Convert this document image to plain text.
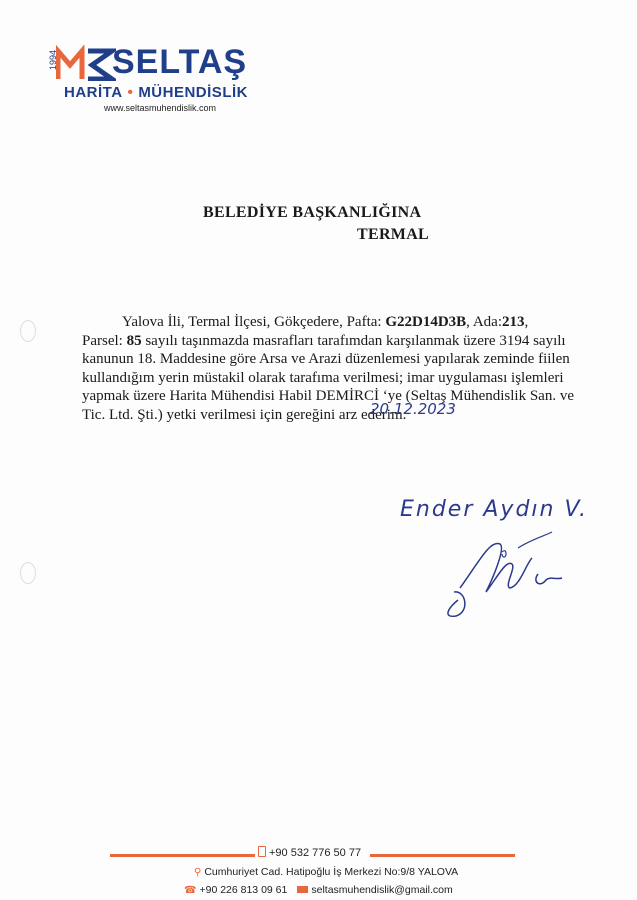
1994 SELTAŞ
HARİTA • MÜHENDİSLİK
www.seltasmuhendislik.com
BELEDİYE BAŞKANLIĞINA
TERMAL
Yalova İli, Termal İlçesi, Gökçedere, Pafta: G22D14D3B, Ada:213,
Parsel: 85 sayılı taşınmazda masrafları tarafımdan karşılanmak üzere 3194 sayılı
kanunun 18. Maddesine göre Arsa ve Arazi düzenlemesi yapılarak zeminde fiilen
kullandığım yerin müstakil olarak tarafıma verilmesi; imar uygulaması işlemleri
yapmak üzere Harita Mühendisi Habil DEMİRCİ ‘ye (Seltaş Mühendislik San. ve
Tic. Ltd. Şti.) yetki verilmesi için gereğini arz ederim.
20.12.2023
Ender Aydın V.
+90 532 776 50 77
⚲ Cumhuriyet Cad. Hatipoğlu İş Merkezi No:9/8 YALOVA
☎ +90 226 813 09 61 seltasmuhendislik@gmail.com
